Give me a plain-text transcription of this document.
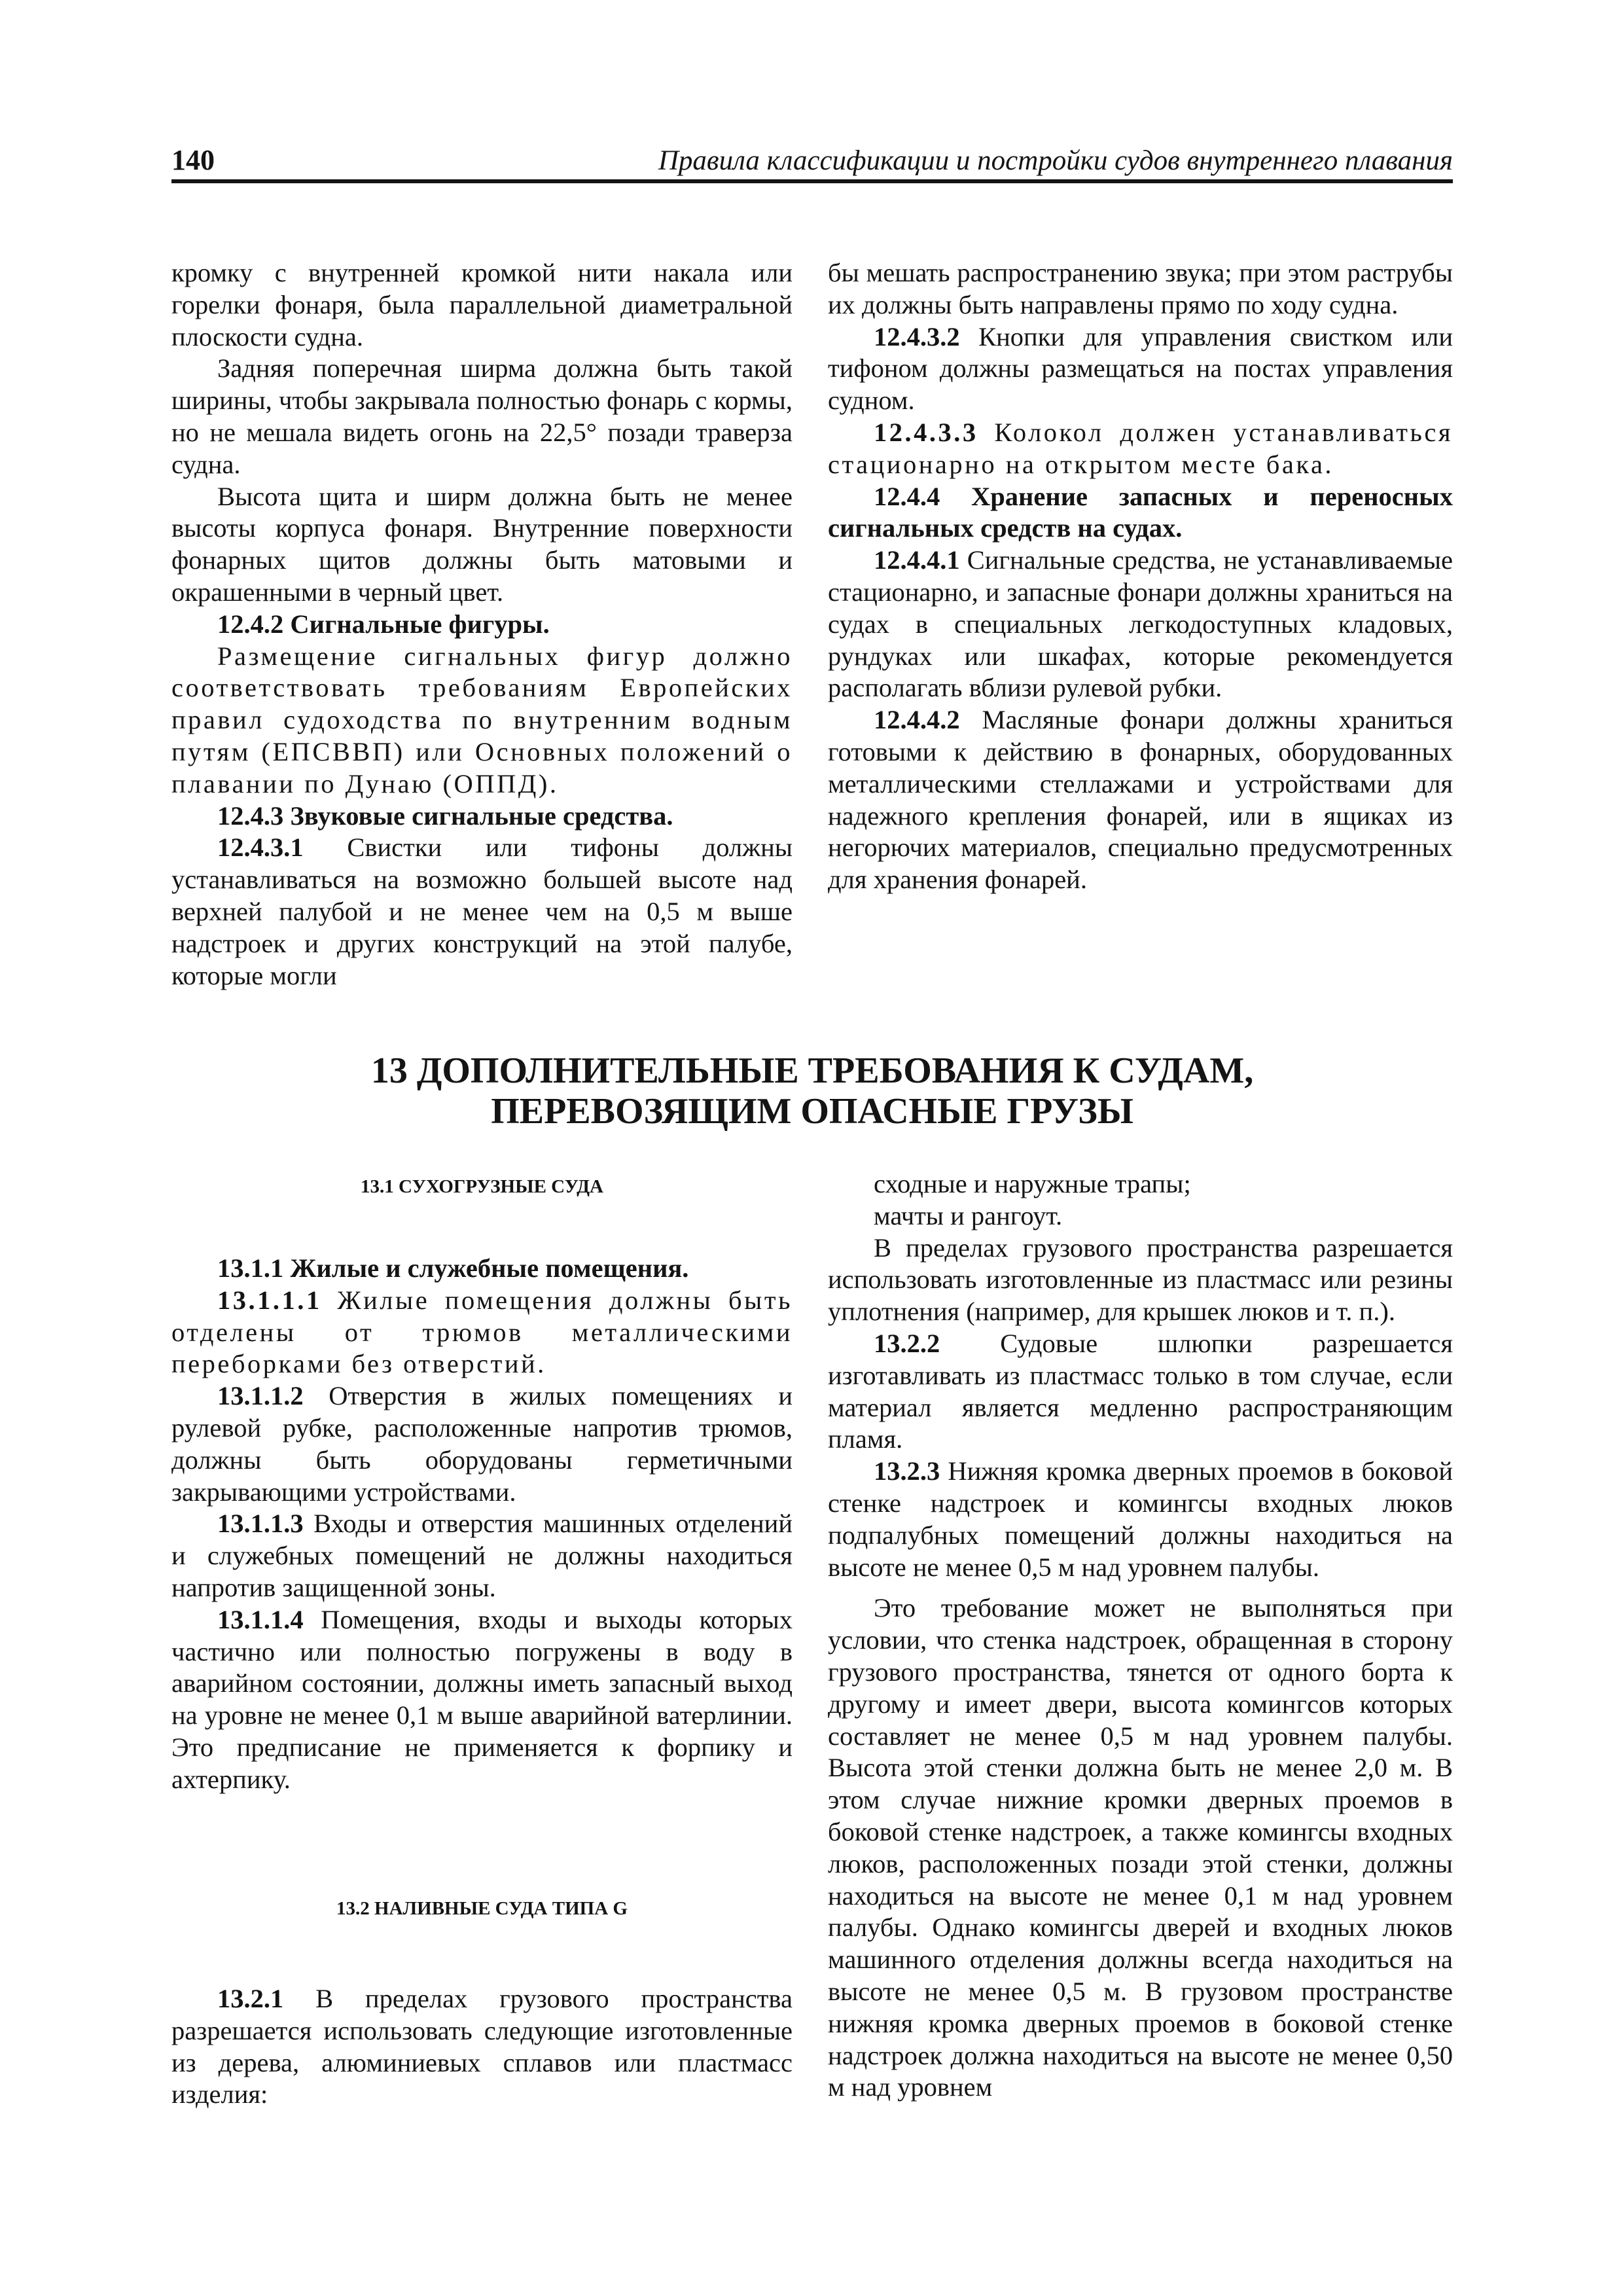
140	Правила классификации и постройки судов внутреннего плавания

кромку с внутренней кромкой нити накала или горелки фонаря, была параллельной диаметральной плоскости судна.

Задняя поперечная ширма должна быть такой ширины, чтобы закрывала полностью фонарь с кормы, но не мешала видеть огонь на 22,5° позади траверза судна.

Высота щита и ширм должна быть не менее высоты корпуса фонаря. Внутренние поверхности фонарных щитов должны быть матовыми и окрашенными в черный цвет.

12.4.2 Сигнальные фигуры.

Размещение сигнальных фигур должно соответствовать требованиям Европейских правил судоходства по внутренним водным путям (ЕПСВВП) или Основных положений о плавании по Дунаю (ОППД).

12.4.3 Звуковые сигнальные средства.

12.4.3.1 Свистки или тифоны должны устанавливаться на возможно большей высоте над верхней палубой и не менее чем на 0,5 м выше надстроек и других конструкций на этой палубе, которые могли

бы мешать распространению звука; при этом раструбы их должны быть направлены прямо по ходу судна.

12.4.3.2 Кнопки для управления свистком или тифоном должны размещаться на постах управления судном.

12.4.3.3 Колокол должен устанавливаться стационарно на открытом месте бака.

12.4.4 Хранение запасных и переносных сигнальных средств на судах.

12.4.4.1 Сигнальные средства, не устанавливаемые стационарно, и запасные фонари должны храниться на судах в специальных легкодоступных кладовых, рундуках или шкафах, которые рекомендуется располагать вблизи рулевой рубки.

12.4.4.2 Масляные фонари должны храниться готовыми к действию в фонарных, оборудованных металлическими стеллажами и устройствами для надежного крепления фонарей, или в ящиках из негорючих материалов, специально предусмотренных для хранения фонарей.

13 ДОПОЛНИТЕЛЬНЫЕ ТРЕБОВАНИЯ К СУДАМ,
ПЕРЕВОЗЯЩИМ ОПАСНЫЕ ГРУЗЫ
13.1 СУХОГРУЗНЫЕ СУДА

13.1.1 Жилые и служебные помещения.

13.1.1.1 Жилые помещения должны быть отделены от трюмов металлическими переборками без отверстий.

13.1.1.2 Отверстия в жилых помещениях и рулевой рубке, расположенные напротив трюмов, должны быть оборудованы герметичными закрывающими устройствами.

13.1.1.3 Входы и отверстия машинных отделений и служебных помещений не должны находиться напротив защищенной зоны.

13.1.1.4 Помещения, входы и выходы которых частично или полностью погружены в воду в аварийном состоянии, должны иметь запасный выход на уровне не менее 0,1 м выше аварийной ватерлинии. Это предписание не применяется к форпику и ахтерпику.

13.2 НАЛИВНЫЕ СУДА ТИПА G

13.2.1 В пределах грузового пространства разрешается использовать следующие изготовленные из дерева, алюминиевых сплавов или пластмасс изделия:

сходные и наружные трапы;

мачты и рангоут.

В пределах грузового пространства разрешается использовать изготовленные из пластмасс или резины уплотнения (например, для крышек люков и т. п.).

13.2.2 Судовые шлюпки разрешается изготавливать из пластмасс только в том случае, если материал является медленно распространяющим пламя.

13.2.3 Нижняя кромка дверных проемов в боковой стенке надстроек и комингсы входных люков подпалубных помещений должны находиться на высоте не менее 0,5 м над уровнем палубы.

Это требование может не выполняться при условии, что стенка надстроек, обращенная в сторону грузового пространства, тянется от одного борта к другому и имеет двери, высота комингсов которых составляет не менее 0,5 м над уровнем палубы. Высота этой стенки должна быть не менее 2,0 м. В этом случае нижние кромки дверных проемов в боковой стенке надстроек, а также комингсы входных люков, расположенных позади этой стенки, должны находиться на высоте не менее 0,1 м над уровнем палубы. Однако комингсы дверей и входных люков машинного отделения должны всегда находиться на высоте не менее 0,5 м. В грузовом пространстве нижняя кромка дверных проемов в боковой стенке надстроек должна находиться на высоте не менее 0,50 м над уровнем
